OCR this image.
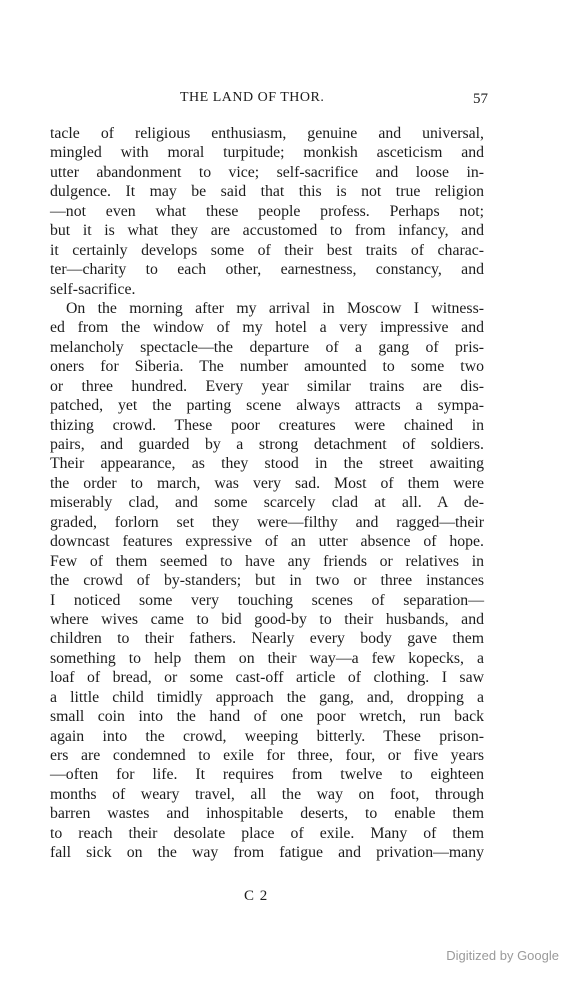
THE LAND OF THOR.	57
tacle of religious enthusiasm, genuine and universal,
mingled with moral turpitude; monkish asceticism and
utter abandonment to vice; self-sacrifice and loose in-
dulgence. It may be said that this is not true religion
—not even what these people profess. Perhaps not;
but it is what they are accustomed to from infancy, and
it certainly develops some of their best traits of charac-
ter—charity to each other, earnestness, constancy, and
self-sacrifice.
On the morning after my arrival in Moscow I witness-
ed from the window of my hotel a very impressive and
melancholy spectacle—the departure of a gang of pris-
oners for Siberia. The number amounted to some two
or three hundred. Every year similar trains are dis-
patched, yet the parting scene always attracts a sympa-
thizing crowd. These poor creatures were chained in
pairs, and guarded by a strong detachment of soldiers.
Their appearance, as they stood in the street awaiting
the order to march, was very sad. Most of them were
miserably clad, and some scarcely clad at all. A de-
graded, forlorn set they were—filthy and ragged—their
downcast features expressive of an utter absence of hope.
Few of them seemed to have any friends or relatives in
the crowd of by-standers; but in two or three instances
I noticed some very touching scenes of separation—
where wives came to bid good-by to their husbands, and
children to their fathers. Nearly every body gave them
something to help them on their way—a few kopecks, a
loaf of bread, or some cast-off article of clothing. I saw
a little child timidly approach the gang, and, dropping a
small coin into the hand of one poor wretch, run back
again into the crowd, weeping bitterly. These prison-
ers are condemned to exile for three, four, or five years
—often for life. It requires from twelve to eighteen
months of weary travel, all the way on foot, through
barren wastes and inhospitable deserts, to enable them
to reach their desolate place of exile. Many of them
fall sick on the way from fatigue and privation—many
C 2
Digitized by Google
